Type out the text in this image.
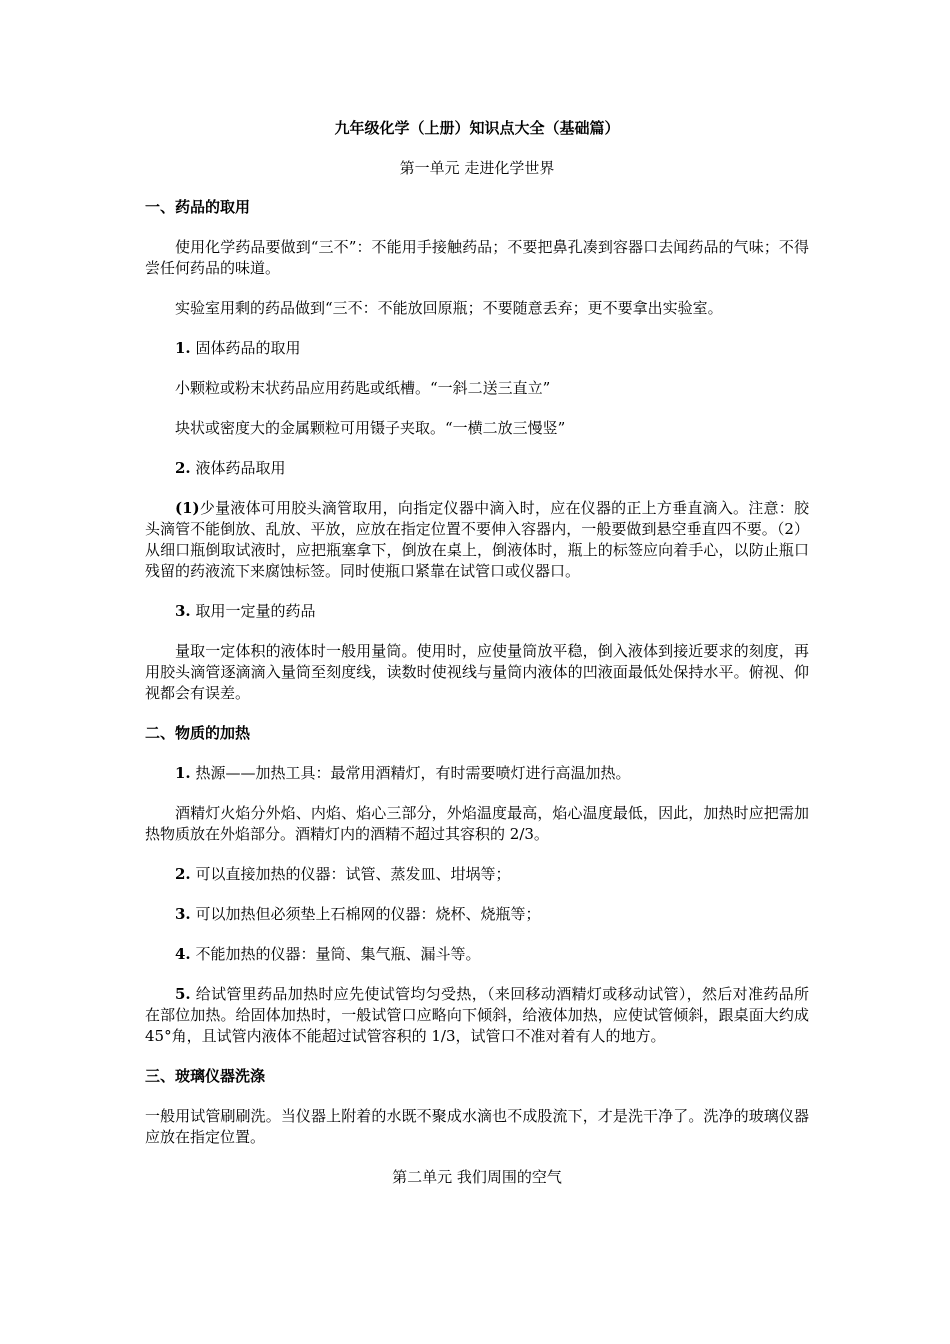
九年级化学（上册）知识点大全（基础篇）
第一单元 走进化学世界
一、药品的取用
使用化学药品要做到“三不”：不能用手接触药品；不要把鼻孔凑到容器口去闻药品的气味；不得尝任何药品的味道。
实验室用剩的药品做到“三不：不能放回原瓶；不要随意丢弃；更不要拿出实验室。
1. 固体药品的取用
小颗粒或粉末状药品应用药匙或纸槽。“一斜二送三直立”
块状或密度大的金属颗粒可用镊子夹取。“一横二放三慢竖”
2. 液体药品取用
(1)少量液体可用胶头滴管取用，向指定仪器中滴入时，应在仪器的正上方垂直滴入。注意：胶头滴管不能倒放、乱放、平放，应放在指定位置不要伸入容器内，一般要做到悬空垂直四不要。（2）从细口瓶倒取试液时，应把瓶塞拿下，倒放在桌上，倒液体时，瓶上的标签应向着手心，以防止瓶口残留的药液流下来腐蚀标签。同时使瓶口紧靠在试管口或仪器口。
3. 取用一定量的药品
量取一定体积的液体时一般用量筒。使用时，应使量筒放平稳，倒入液体到接近要求的刻度，再用胶头滴管逐滴滴入量筒至刻度线，读数时使视线与量筒内液体的凹液面最低处保持水平。俯视、仰视都会有误差。
二、物质的加热
1. 热源——加热工具：最常用酒精灯，有时需要喷灯进行高温加热。
酒精灯火焰分外焰、内焰、焰心三部分，外焰温度最高，焰心温度最低，因此，加热时应把需加热物质放在外焰部分。酒精灯内的酒精不超过其容积的 2/3。
2. 可以直接加热的仪器：试管、蒸发皿、坩埚等；
3. 可以加热但必须垫上石棉网的仪器：烧杯、烧瓶等；
4. 不能加热的仪器：量筒、集气瓶、漏斗等。
5. 给试管里药品加热时应先使试管均匀受热，（来回移动酒精灯或移动试管），然后对准药品所在部位加热。给固体加热时，一般试管口应略向下倾斜，给液体加热，应使试管倾斜，跟桌面大约成 45°角，且试管内液体不能超过试管容积的 1/3，试管口不准对着有人的地方。
三、玻璃仪器洗涤
一般用试管刷刷洗。当仪器上附着的水既不聚成水滴也不成股流下，才是洗干净了。洗净的玻璃仪器应放在指定位置。
第二单元 我们周围的空气
